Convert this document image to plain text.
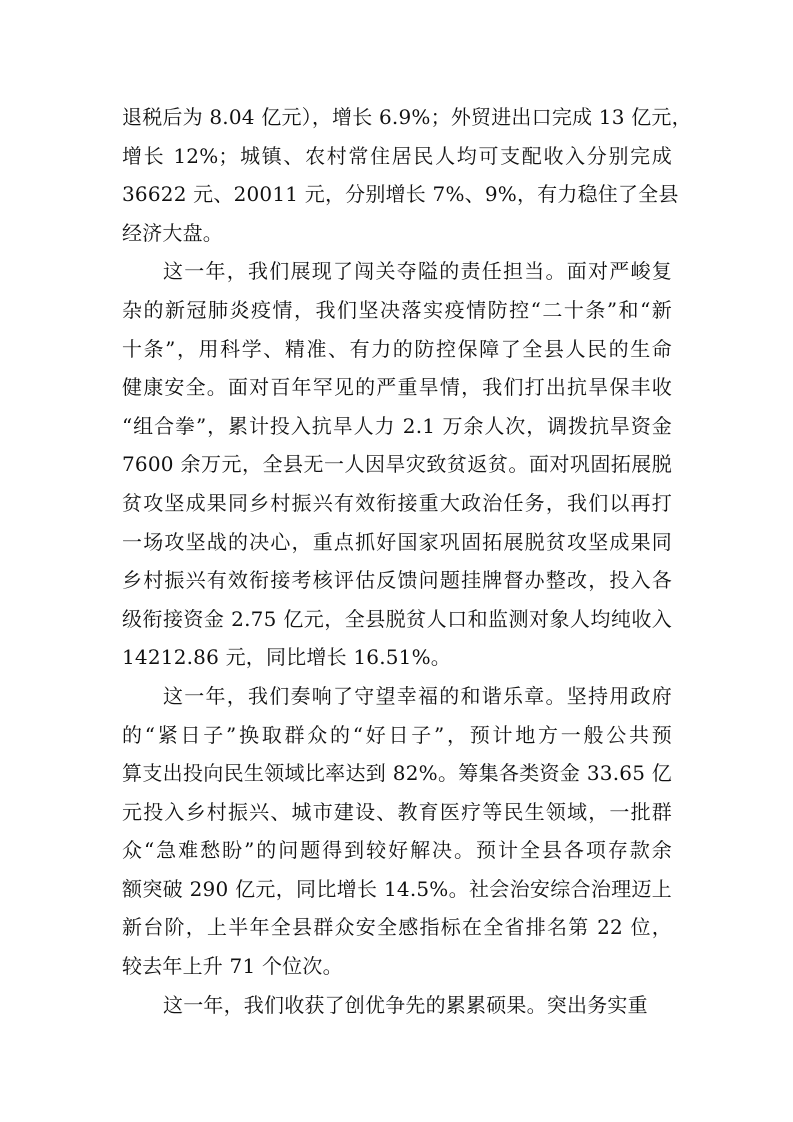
退税后为 8.04 亿元），增长 6.9%；外贸进出口完成 13 亿元，
增长 12%；城镇、农村常住居民人均可支配收入分别完成
36622 元、20011 元，分别增长 7%、9%，有力稳住了全县
经济大盘。
这一年，我们展现了闯关夺隘的责任担当。面对严峻复
杂的新冠肺炎疫情，我们坚决落实疫情防控“二十条”和“新
十条”，用科学、精准、有力的防控保障了全县人民的生命
健康安全。面对百年罕见的严重旱情，我们打出抗旱保丰收
“组合拳”，累计投入抗旱人力 2.1 万余人次，调拨抗旱资金
7600 余万元，全县无一人因旱灾致贫返贫。面对巩固拓展脱
贫攻坚成果同乡村振兴有效衔接重大政治任务，我们以再打
一场攻坚战的决心，重点抓好国家巩固拓展脱贫攻坚成果同
乡村振兴有效衔接考核评估反馈问题挂牌督办整改，投入各
级衔接资金 2.75 亿元，全县脱贫人口和监测对象人均纯收入
14212.86 元，同比增长 16.51%。
这一年，我们奏响了守望幸福的和谐乐章。坚持用政府
的“紧日子”换取群众的“好日子”，预计地方一般公共预
算支出投向民生领域比率达到 82%。筹集各类资金 33.65 亿
元投入乡村振兴、城市建设、教育医疗等民生领域，一批群
众“急难愁盼”的问题得到较好解决。预计全县各项存款余
额突破 290 亿元，同比增长 14.5%。社会治安综合治理迈上
新台阶，上半年全县群众安全感指标在全省排名第 22 位，
较去年上升 71 个位次。
这一年，我们收获了创优争先的累累硕果。突出务实重
